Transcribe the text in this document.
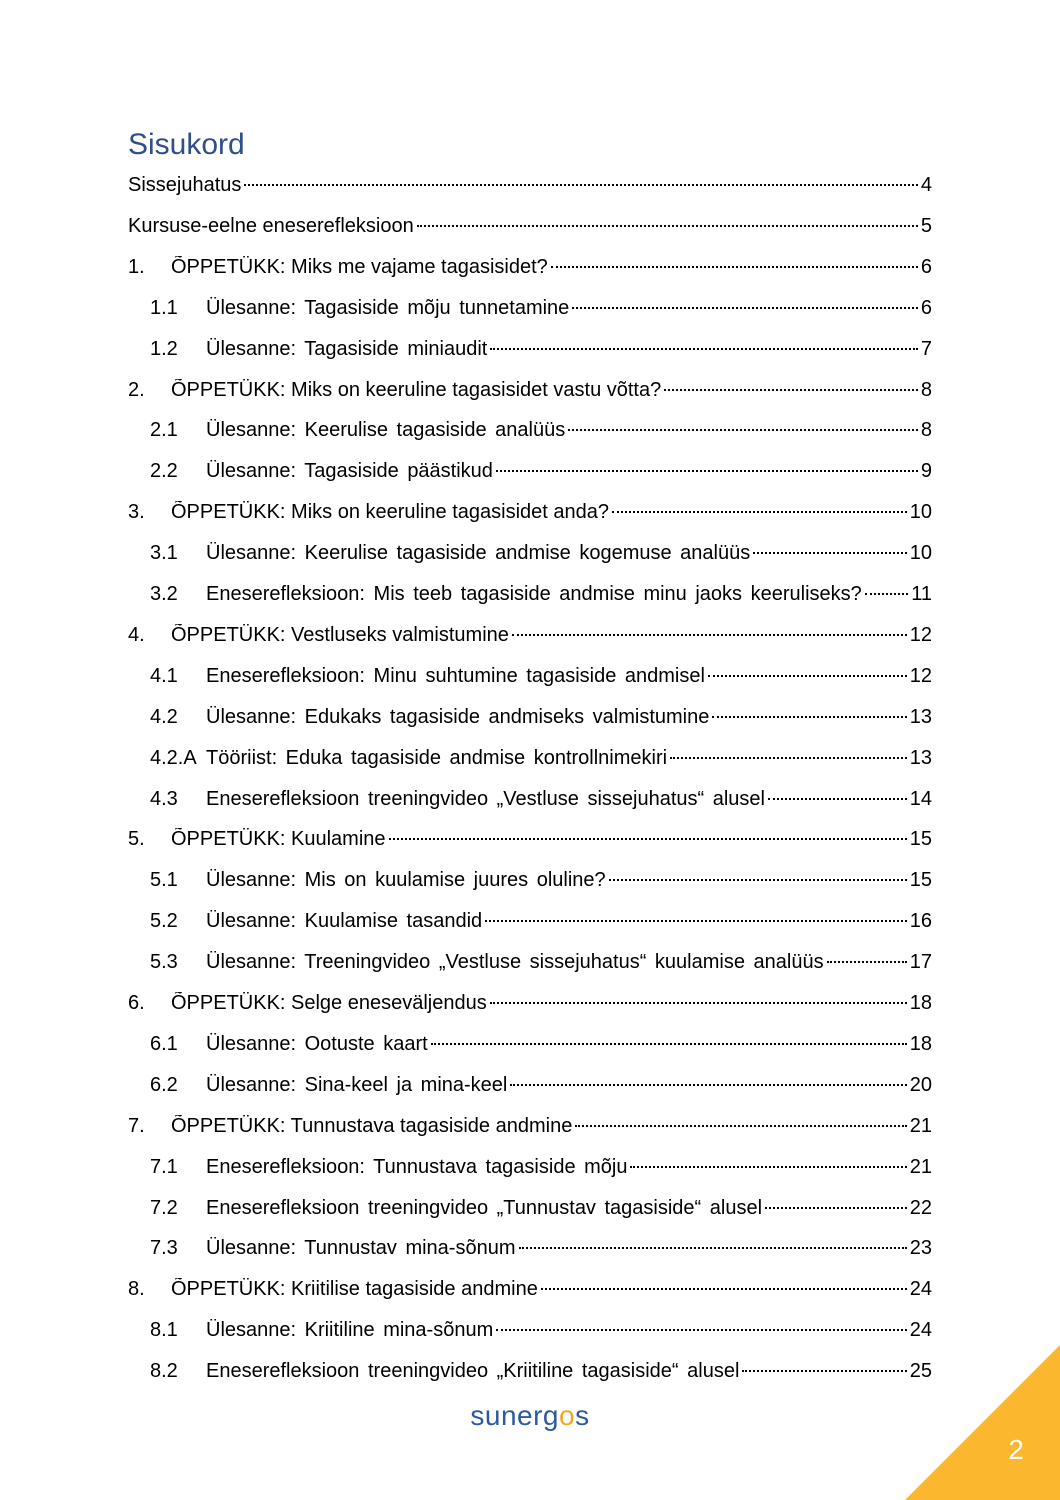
Sisukord
Sissejuhatus	4
Kursuse-eelne eneserefleksioon	5
1.	ÕPPETÜKK: Miks me vajame tagasisidet?	6
1.1	Ülesanne: Tagasiside mõju tunnetamine	6
1.2	Ülesanne: Tagasiside miniaudit	7
2.	ÕPPETÜKK: Miks on keeruline tagasisidet vastu võtta?	8
2.1	Ülesanne: Keerulise tagasiside analüüs	8
2.2	Ülesanne: Tagasiside päästikud	9
3.	ÕPPETÜKK: Miks on keeruline tagasisidet anda?	10
3.1	Ülesanne: Keerulise tagasiside andmise kogemuse analüüs	10
3.2	Eneserefleksioon: Mis teeb tagasiside andmise minu jaoks keeruliseks? 11
4.	ÕPPETÜKK: Vestluseks valmistumine	12
4.1	Eneserefleksioon: Minu suhtumine tagasiside andmisel	12
4.2	Ülesanne: Edukaks tagasiside andmiseks valmistumine	13
4.2.A Tööriist: Eduka tagasiside andmise kontrollnimekiri	13
4.3	Eneserefleksioon treeningvideo „Vestluse sissejuhatus“ alusel	14
5.	ÕPPETÜKK: Kuulamine	15
5.1	Ülesanne: Mis on kuulamise juures oluline?	15
5.2	Ülesanne: Kuulamise tasandid	16
5.3	Ülesanne: Treeningvideo „Vestluse sissejuhatus“ kuulamise analüüs	17
6.	ÕPPETÜKK: Selge eneseväljendus	18
6.1	Ülesanne: Ootuste kaart	18
6.2	Ülesanne: Sina-keel ja mina-keel	20
7.	ÕPPETÜKK: Tunnustava tagasiside andmine	21
7.1	Eneserefleksioon: Tunnustava tagasiside mõju	21
7.2	Eneserefleksioon treeningvideo „Tunnustav tagasiside“ alusel	22
7.3	Ülesanne: Tunnustav mina-sõnum	23
8.	ÕPPETÜKK: Kriitilise tagasiside andmine	24
8.1	Ülesanne: Kriitiline mina-sõnum	24
8.2	Eneserefleksioon treeningvideo „Kriitiline tagasiside“ alusel	25
sunergos
2
